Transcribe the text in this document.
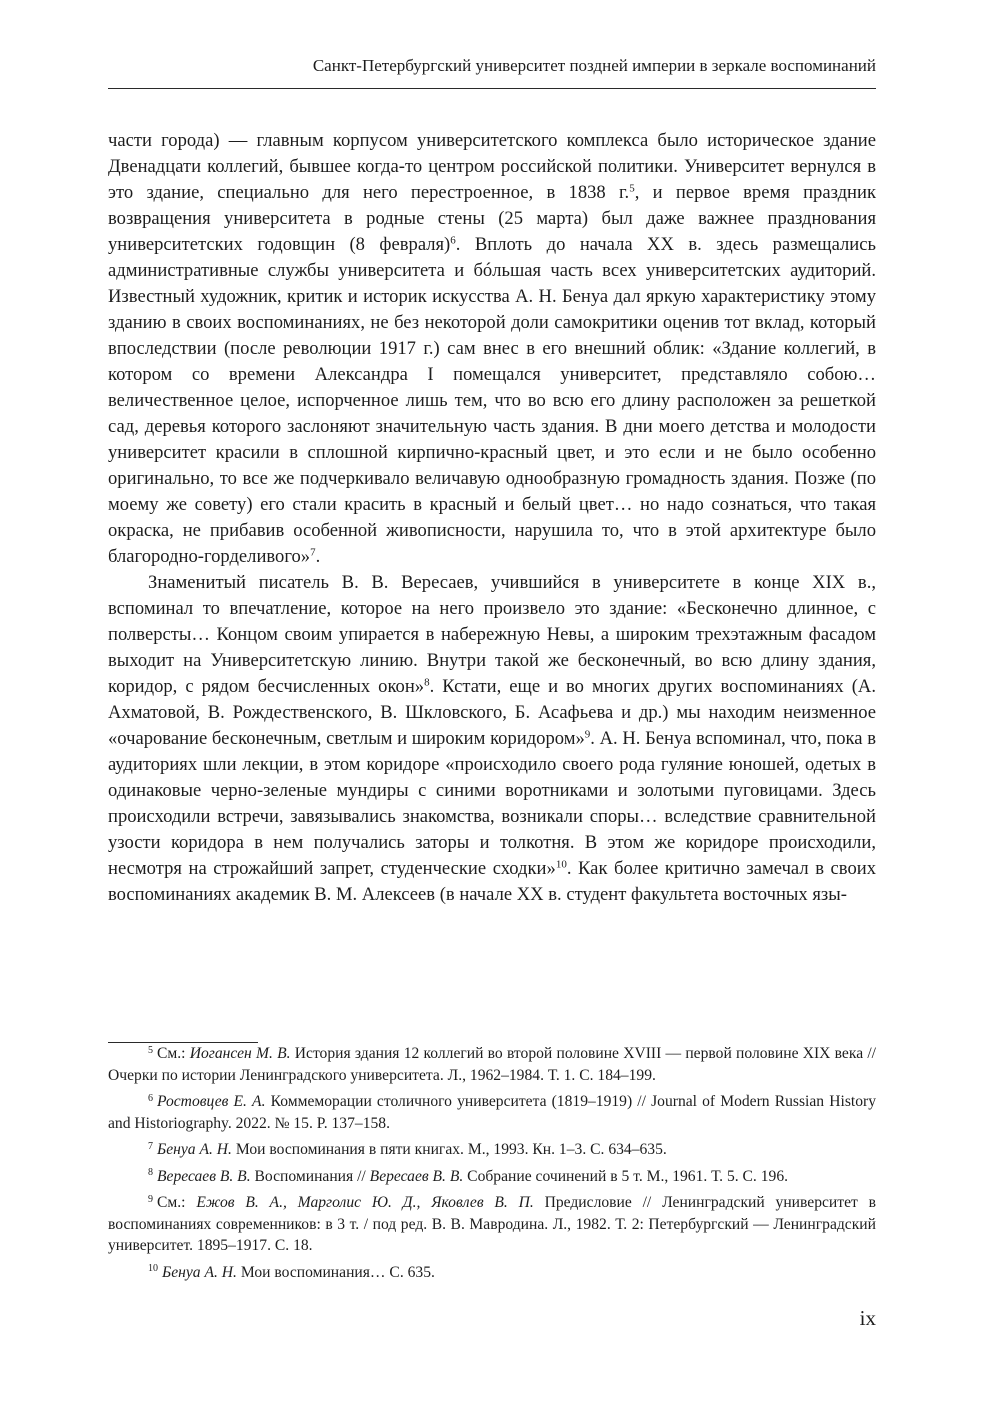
Санкт-Петербургский университет поздней империи в зеркале воспоминаний

части города) — главным корпусом университетского комплекса было историческое здание Двенадцати коллегий, бывшее когда-то центром российской политики. Университет вернулся в это здание, специально для него перестроенное, в 1838 г.$^5$, и первое время праздник возвращения университета в родные стены (25 марта) был даже важнее празднования университетских годовщин (8 февраля)$^6$. Вплоть до начала XX в. здесь размещались административные службы университета и бóльшая часть всех университетских аудиторий. Известный художник, критик и историк искусства А. Н. Бенуа дал яркую характеристику этому зданию в своих воспоминаниях, не без некоторой доли самокритики оценив тот вклад, который впоследствии (после революции 1917 г.) сам внес в его внешний облик: «Здание коллегий, в котором со времени Александра I помещался университет, представляло собою… величественное целое, испорченное лишь тем, что во всю его длину расположен за решеткой сад, деревья которого заслоняют значительную часть здания. В дни моего детства и молодости университет красили в сплошной кирпично-красный цвет, и это если и не было особенно оригинально, то все же подчеркивало величавую однообразную громадность здания. Позже (по моему же совету) его стали красить в красный и белый цвет… но надо сознаться, что такая окраска, не прибавив особенной живописности, нарушила то, что в этой архитектуре было благородно-горделивого»$^7$.

Знаменитый писатель В. В. Вересаев, учившийся в университете в конце XIX в., вспоминал то впечатление, которое на него произвело это здание: «Бесконечно длинное, с полверсты… Концом своим упирается в набережную Невы, а широким трехэтажным фасадом выходит на Университетскую линию. Внутри такой же бесконечный, во всю длину здания, коридор, с рядом бесчисленных окон»$^8$. Кстати, еще и во многих других воспоминаниях (А. Ахматовой, В. Рождественского, В. Шкловского, Б. Асафьева и др.) мы находим неизменное «очарование бесконечным, светлым и широким коридором»$^9$. А. Н. Бенуа вспоминал, что, пока в аудиториях шли лекции, в этом коридоре «происходило своего рода гуляние юношей, одетых в одинаковые черно-зеленые мундиры с синими воротниками и золотыми пуговицами. Здесь происходили встречи, завязывались знакомства, возникали споры… вследствие сравнительной узости коридора в нем получались заторы и толкотня. В этом же коридоре происходили, несмотря на строжайший запрет, студенческие сходки»$^{10}$. Как более критично замечал в своих воспоминаниях академик В. М. Алексеев (в начале XX в. студент факультета восточных язы-

$^5$ См.: Иогансен М. В. История здания 12 коллегий во второй половине XVIII — первой половине XIX века // Очерки по истории Ленинградского университета. Л., 1962–1984. Т. 1. С. 184–199.

$^6$ Ростовцев Е. А. Коммеморации столичного университета (1819–1919) // Journal of Modern Russian History and Historiography. 2022. № 15. P. 137–158.

$^7$ Бенуа А. Н. Мои воспоминания в пяти книгах. М., 1993. Кн. 1–3. С. 634–635.

$^8$ Вересаев В. В. Воспоминания // Вересаев В. В. Собрание сочинений в 5 т. М., 1961. Т. 5. С. 196.

$^9$ См.: Ежов В. А., Марголис Ю. Д., Яковлев В. П. Предисловие // Ленинградский университет в воспоминаниях современников: в 3 т. / под ред. В. В. Мавродина. Л., 1982. Т. 2: Петербургский — Ленинградский университет. 1895–1917. С. 18.

$^{10}$ Бенуа А. Н. Мои воспоминания… С. 635.

ix
